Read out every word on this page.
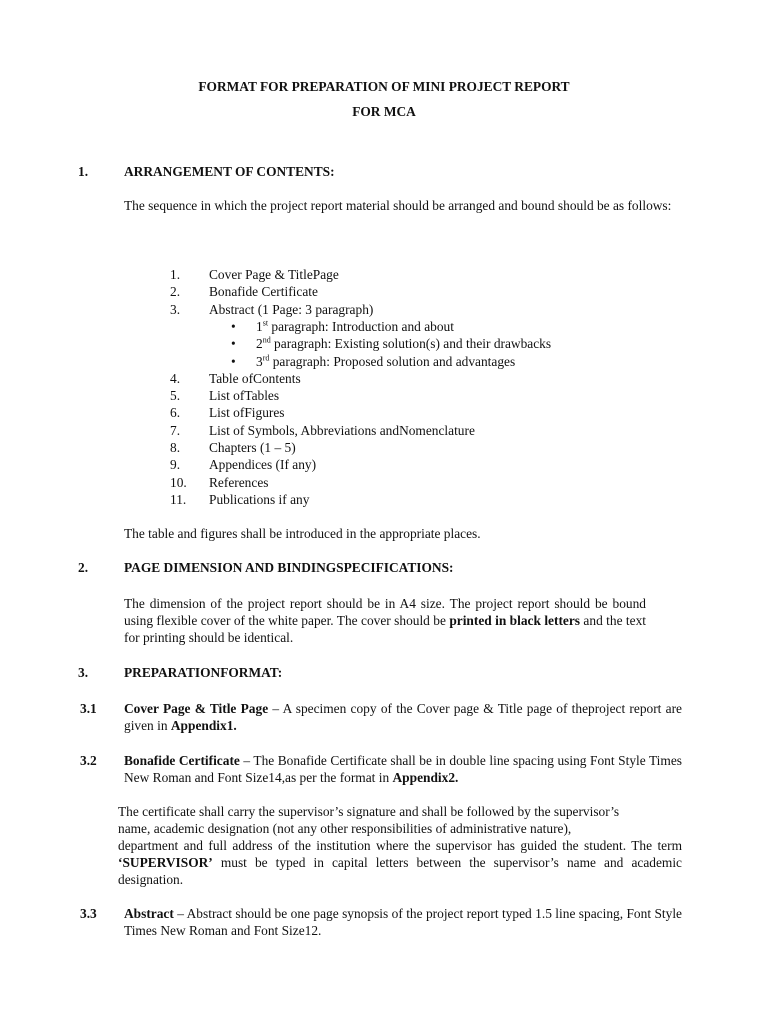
FORMAT FOR PREPARATION OF MINI PROJECT REPORT
FOR MCA
1.	ARRANGEMENT OF CONTENTS:
The sequence in which the project report material should be arranged and bound should be as follows:
1.	Cover Page & TitlePage
2.	Bonafide Certificate
3.	Abstract (1 Page: 3 paragraph)
4.	Table ofContents
5.	List ofTables
6.	List ofFigures
7.	List of Symbols, Abbreviations andNomenclature
8.	Chapters (1 – 5)
9.	Appendices (If any)
10.	References
11.	Publications if any
• 1st paragraph: Introduction and about
• 2nd paragraph: Existing solution(s) and their drawbacks
• 3rd paragraph: Proposed solution and advantages
The table and figures shall be introduced in the appropriate places.
2.	PAGE DIMENSION AND BINDINGSPECIFICATIONS:
The dimension of the project report should be in A4 size. The project report should be bound using flexible cover of the white paper. The cover should be printed in black letters and the text for printing should be identical.
3.	PREPARATIONFORMAT:
3.1 Cover Page & Title Page – A specimen copy of the Cover page & Title page of theproject report are given in Appendix1.
3.2 Bonafide Certificate – The Bonafide Certificate shall be in double line spacing using Font Style Times New Roman and Font Size14,as per the format in Appendix2.
The certificate shall carry the supervisor’s signature and shall be followed by the supervisor’s
name, academic designation (not any other responsibilities of administrative nature),
department and full address of the institution where the supervisor has guided the student. The term ‘SUPERVISOR’ must be typed in capital letters between the supervisor’s name and academic designation.
3.3 Abstract – Abstract should be one page synopsis of the project report typed 1.5 line spacing, Font Style Times New Roman and Font Size12.
